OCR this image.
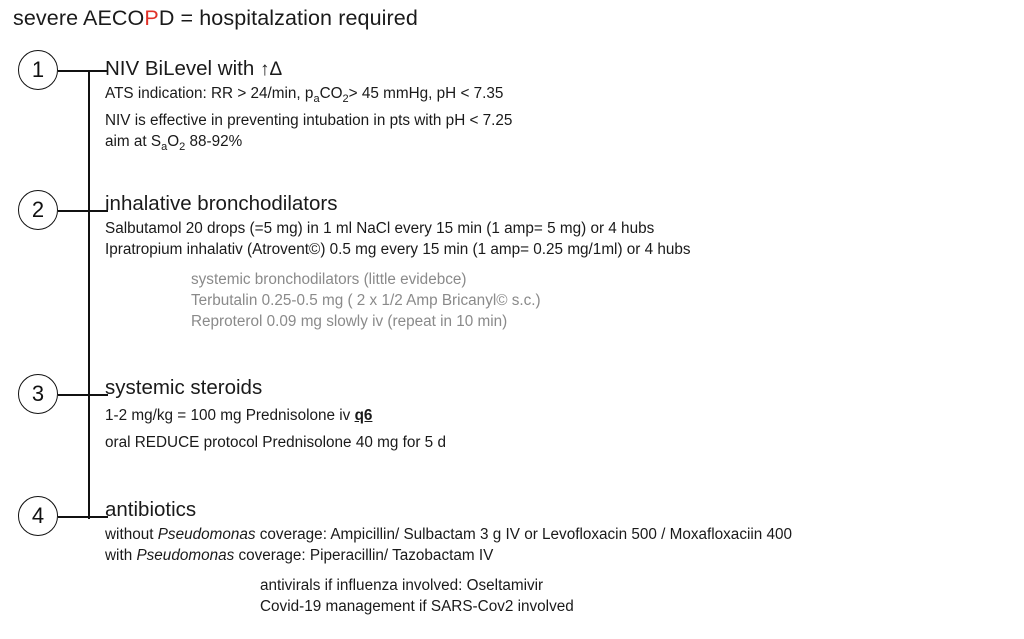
severe AECOPD = hospitalzation required
1
2
3
4
NIV BiLevel with ↑Δ
ATS indication: RR > 24/min, $p_aCO_2> 45$ mmHg, pH < 7.35
NIV is effective in preventing intubation in pts with pH < 7.25
aim at $S_aO_2$ 88-92%
inhalative bronchodilators
Salbutamol 20 drops (=5 mg) in 1 ml NaCl every 15 min (1 amp= 5 mg) or 4 hubs
Ipratropium inhalativ (Atrovent©) 0.5 mg every 15 min (1 amp= 0.25 mg/1ml) or 4 hubs
systemic bronchodilators (little evidebce)
Terbutalin 0.25-0.5 mg ( 2 x 1/2 Amp Bricanyl© s.c.)
Reproterol 0.09 mg slowly iv (repeat in 10 min)
systemic steroids
1-2 mg/kg = 100 mg Prednisolone iv q6
oral REDUCE protocol Prednisolone 40 mg for 5 d
antibiotics
without Pseudomonas coverage: Ampicillin/ Sulbactam 3 g IV or Levofloxacin 500 / Moxafloxaciin 400
with Pseudomonas coverage: Piperacillin/ Tazobactam IV
antivirals if influenza involved: Oseltamivir
Covid-19 management if SARS-Cov2 involved
